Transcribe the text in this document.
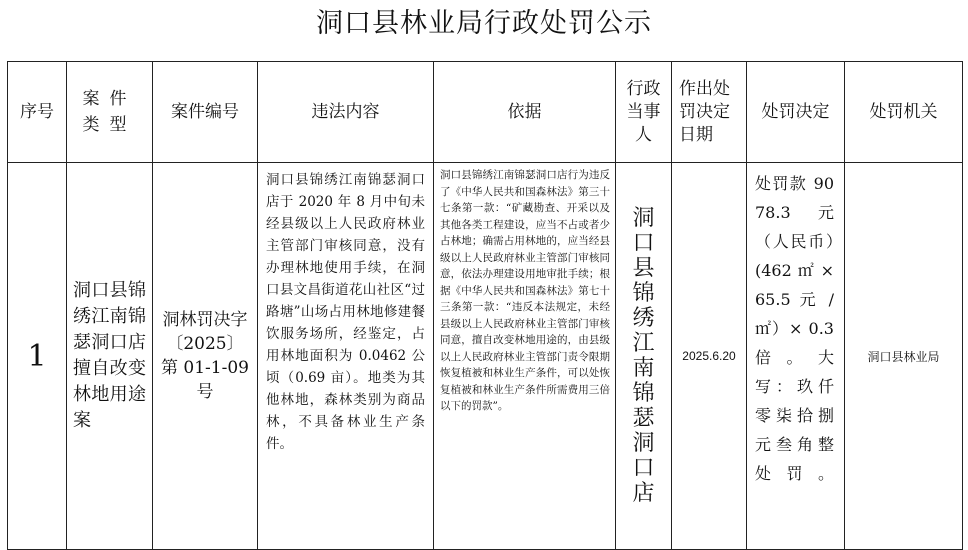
洞口县林业局行政处罚公示
序号	案件类型	案件编号	违法内容	依据	行政当事人	作出处罚决定日期	处罚决定	处罚机关
1	洞口县锦绣江南锦瑟洞口店擅自改变林地用途案	洞林罚决字〔2025〕第 01-1-09 号	洞口县锦绣江南锦瑟洞口店于 2020 年 8 月中旬未经县级以上人民政府林业主管部门审核同意，没有办理林地使用手续，在洞口县文昌街道花山社区“过路塘”山场占用林地修建餐饮服务场所，经鉴定，占用林地面积为 0.0462 公顷（0.69 亩）。地类为其他林地，森林类别为商品林，不具备林业生产条件。	洞口县锦绣江南锦瑟洞口店行为违反了《中华人民共和国森林法》第三十七条第一款：“矿藏勘查、开采以及其他各类工程建设，应当不占或者少占林地；确需占用林地的，应当经县级以上人民政府林业主管部门审核同意，依法办理建设用地审批手续；根据《中华人民共和国森林法》第七十三条第一款：“违反本法规定，未经县级以上人民政府林业主管部门审核同意，擅自改变林地用途的，由县级以上人民政府林业主管部门责令限期恢复植被和林业生产条件，可以处恢复植被和林业生产条件所需费用三倍以下的罚款”。	洞口县锦绣江南锦瑟洞口店	2025.6.20	处罚款 9078.3 元（人民币）(462 ㎡ × 65.5 元 / ㎡）× 0.3 倍。大写：玖仟零柒拾捌元叁角整处罚。	洞口县林业局
